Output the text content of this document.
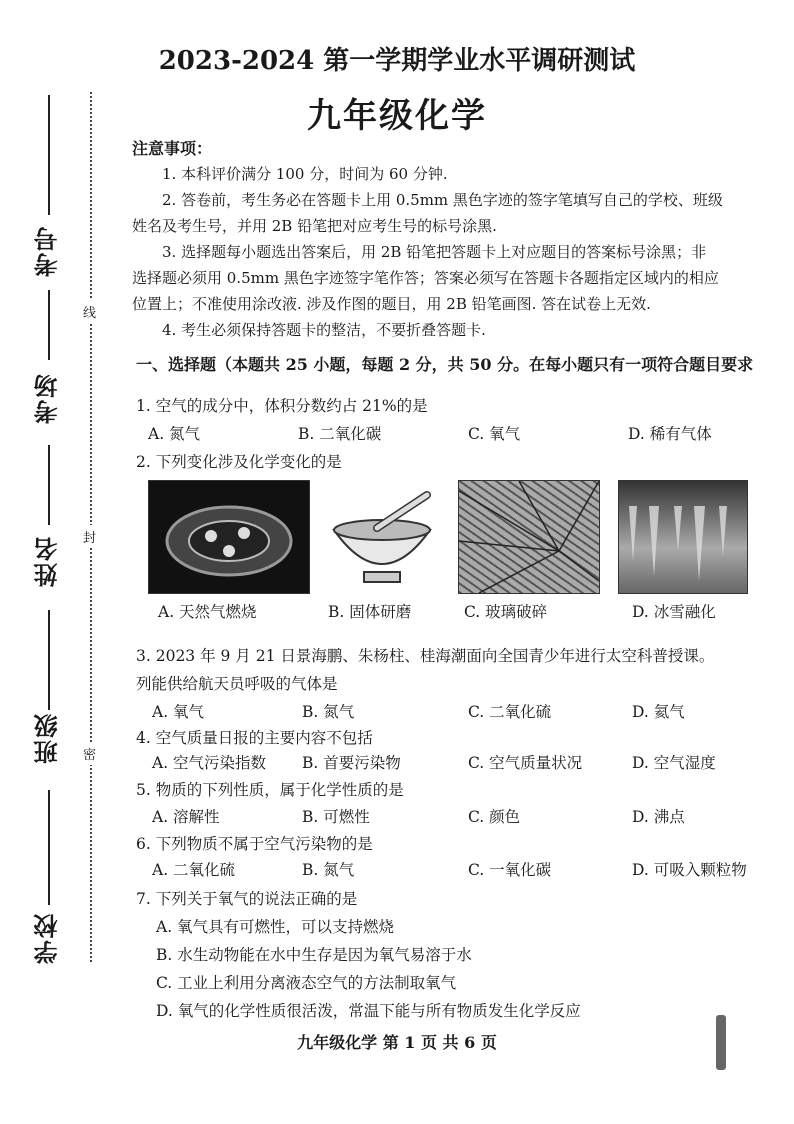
考号
考场
姓名
班级
学校
线
封
密
2023-2024 第一学期学业水平调研测试
九年级化学
注意事项：
1. 本科评价满分 100 分，时间为 60 分钟.
2. 答卷前，考生务必在答题卡上用 0.5mm 黑色字迹的签字笔填写自己的学校、班级
姓名及考生号，并用 2B 铅笔把对应考生号的标号涂黑.
3. 选择题每小题选出答案后，用 2B 铅笔把答题卡上对应题目的答案标号涂黑；非
选择题必须用 0.5mm 黑色字迹签字笔作答；答案必须写在答题卡各题指定区域内的相应
位置上；不准使用涂改液. 涉及作图的题目，用 2B 铅笔画图. 答在试卷上无效.
4. 考生必须保持答题卡的整洁，不要折叠答题卡.
一、选择题（本题共 25 小题，每题 2 分，共 50 分。在每小题只有一项符合题目要求
1. 空气的成分中，体积分数约占 21%的是
A. 氮气	B. 二氧化碳	C. 氧气	D. 稀有气体
2. 下列变化涉及化学变化的是
A. 天然气燃烧	B. 固体研磨	C. 玻璃破碎	D. 冰雪融化
3. 2023 年 9 月 21 日景海鹏、朱杨柱、桂海潮面向全国青少年进行太空科普授课。
列能供给航天员呼吸的气体是
A. 氧气	B. 氮气	C. 二氧化硫	D. 氦气
4. 空气质量日报的主要内容不包括
A. 空气污染指数 B. 首要污染物	C. 空气质量状况	D. 空气湿度
5. 物质的下列性质，属于化学性质的是
A. 溶解性	B. 可燃性	C. 颜色	D. 沸点
6. 下列物质不属于空气污染物的是
A. 二氧化硫	B. 氮气	C. 一氧化碳	D. 可吸入颗粒物
7. 下列关于氧气的说法正确的是
A. 氧气具有可燃性，可以支持燃烧
B. 水生动物能在水中生存是因为氧气易溶于水
C. 工业上利用分离液态空气的方法制取氧气
D. 氧气的化学性质很活泼，常温下能与所有物质发生化学反应
九年级化学 第 1 页 共 6 页
